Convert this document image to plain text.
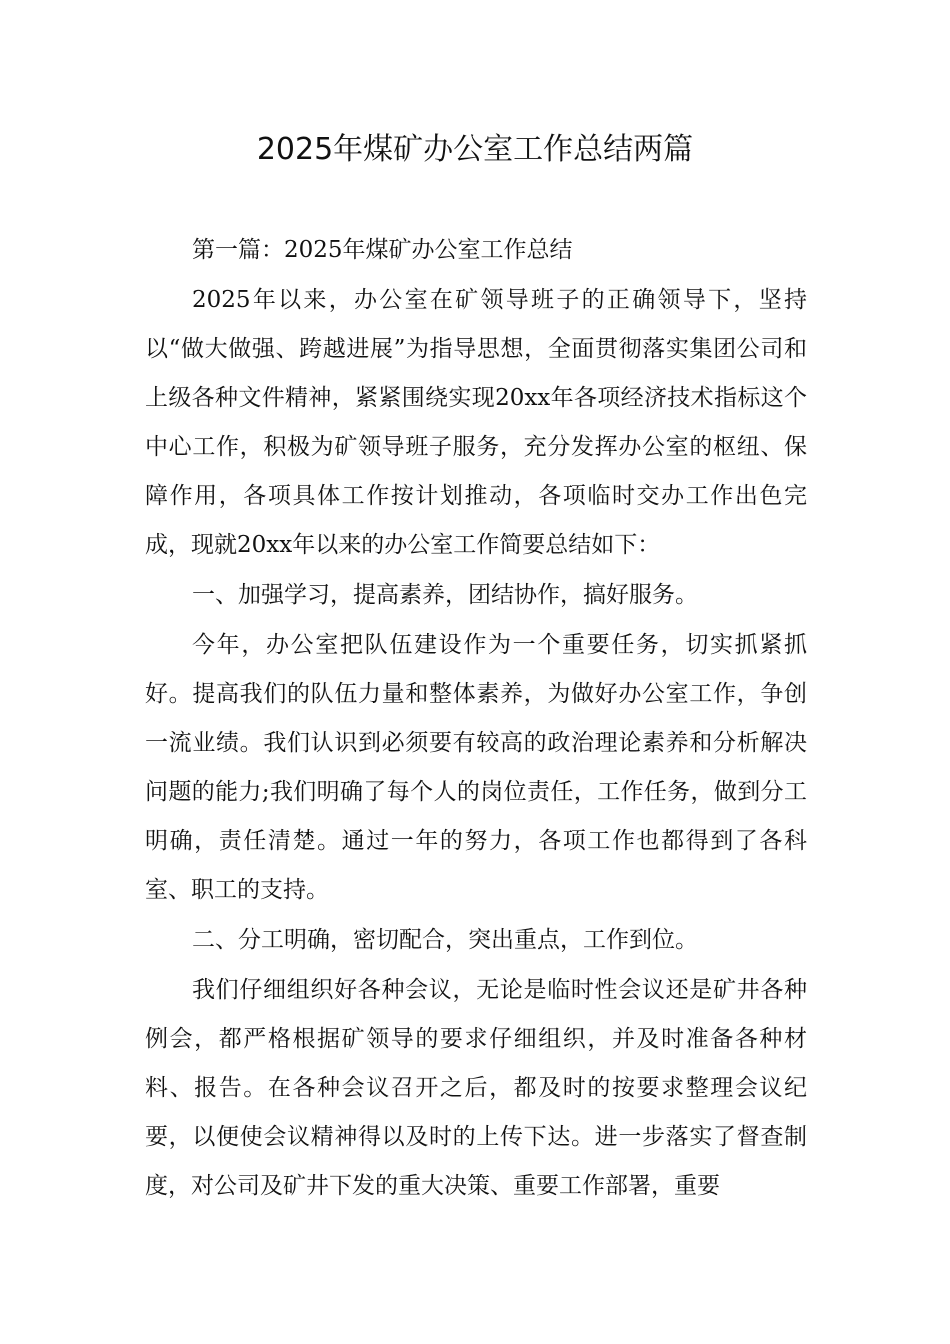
2025年煤矿办公室工作总结两篇

第一篇：2025年煤矿办公室工作总结

2025年以来，办公室在矿领导班子的正确领导下，坚持以“做大做强、跨越进展”为指导思想，全面贯彻落实集团公司和上级各种文件精神，紧紧围绕实现20xx年各项经济技术指标这个中心工作，积极为矿领导班子服务，充分发挥办公室的枢纽、保障作用，各项具体工作按计划推动，各项临时交办工作出色完成，现就20xx年以来的办公室工作简要总结如下：

一、加强学习，提高素养，团结协作，搞好服务。

今年，办公室把队伍建设作为一个重要任务，切实抓紧抓好。提高我们的队伍力量和整体素养，为做好办公室工作，争创一流业绩。我们认识到必须要有较高的政治理论素养和分析解决问题的能力;我们明确了每个人的岗位责任，工作任务，做到分工明确，责任清楚。通过一年的努力，各项工作也都得到了各科室、职工的支持。

二、分工明确，密切配合，突出重点，工作到位。

我们仔细组织好各种会议，无论是临时性会议还是矿井各种例会，都严格根据矿领导的要求仔细组织，并及时准备各种材料、报告。在各种会议召开之后，都及时的按要求整理会议纪要，以便使会议精神得以及时的上传下达。进一步落实了督查制度，对公司及矿井下发的重大决策、重要工作部署，重要
